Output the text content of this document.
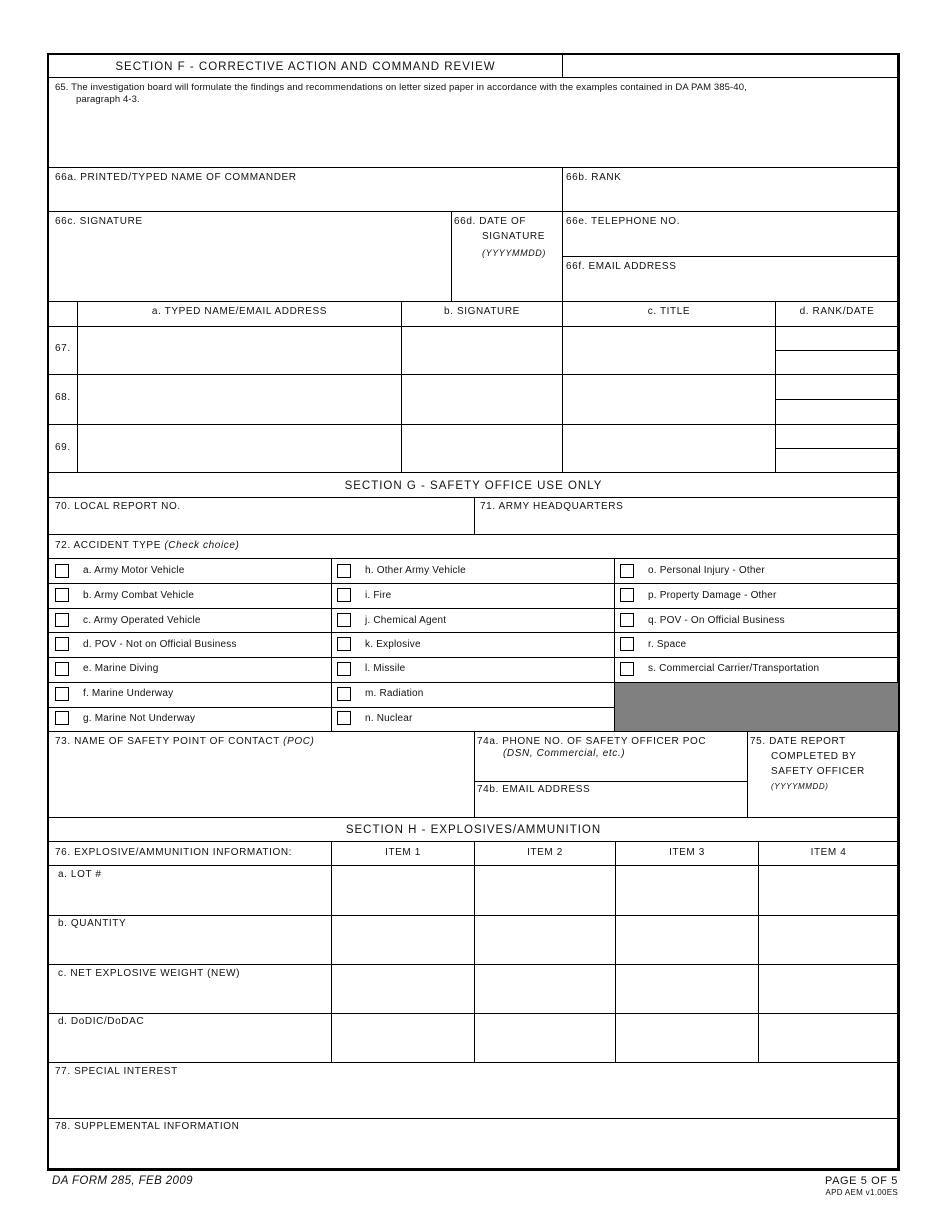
SECTION F - CORRECTIVE ACTION AND COMMAND REVIEW
65. The investigation board will formulate the findings and recommendations on letter sized paper in accordance with the examples contained in DA PAM 385-40,
paragraph 4-3.
66a. PRINTED/TYPED NAME OF COMMANDER	66b. RANK
66c. SIGNATURE	66d. DATE OF
SIGNATURE
(YYYYMMDD)
66e. TELEPHONE NO.
66f. EMAIL ADDRESS
a. TYPED NAME/EMAIL ADDRESS	b. SIGNATURE	c. TITLE	d. RANK/DATE
67.
68.
69.
SECTION G - SAFETY OFFICE USE ONLY
70. LOCAL REPORT NO.	71. ARMY HEADQUARTERS
72. ACCIDENT TYPE (Check choice)
a. Army Motor Vehicle
b. Army Combat Vehicle
c. Army Operated Vehicle
d. POV - Not on Official Business
e. Marine Diving
f. Marine Underway
g. Marine Not Underway
h. Other Army Vehicle
i. Fire
j. Chemical Agent
k. Explosive
l. Missile
m. Radiation
n. Nuclear
o. Personal Injury - Other
p. Property Damage - Other
q. POV - On Official Business
r. Space
s. Commercial Carrier/Transportation
73. NAME OF SAFETY POINT OF CONTACT (POC)	74a. PHONE NO. OF SAFETY OFFICER POC
(DSN, Commercial, etc.)
74b. EMAIL ADDRESS
75. DATE REPORT
COMPLETED BY
SAFETY OFFICER
(YYYYMMDD)
SECTION H - EXPLOSIVES/AMMUNITION
76. EXPLOSIVE/AMMUNITION INFORMATION:	ITEM 1	ITEM 2	ITEM 3	ITEM 4
a. LOT #
b. QUANTITY
c. NET EXPLOSIVE WEIGHT (NEW)
d. DoDIC/DoDAC
77. SPECIAL INTEREST
78. SUPPLEMENTAL INFORMATION
DA FORM 285, FEB 2009	PAGE 5 OF 5
APD AEM v1.00ES
